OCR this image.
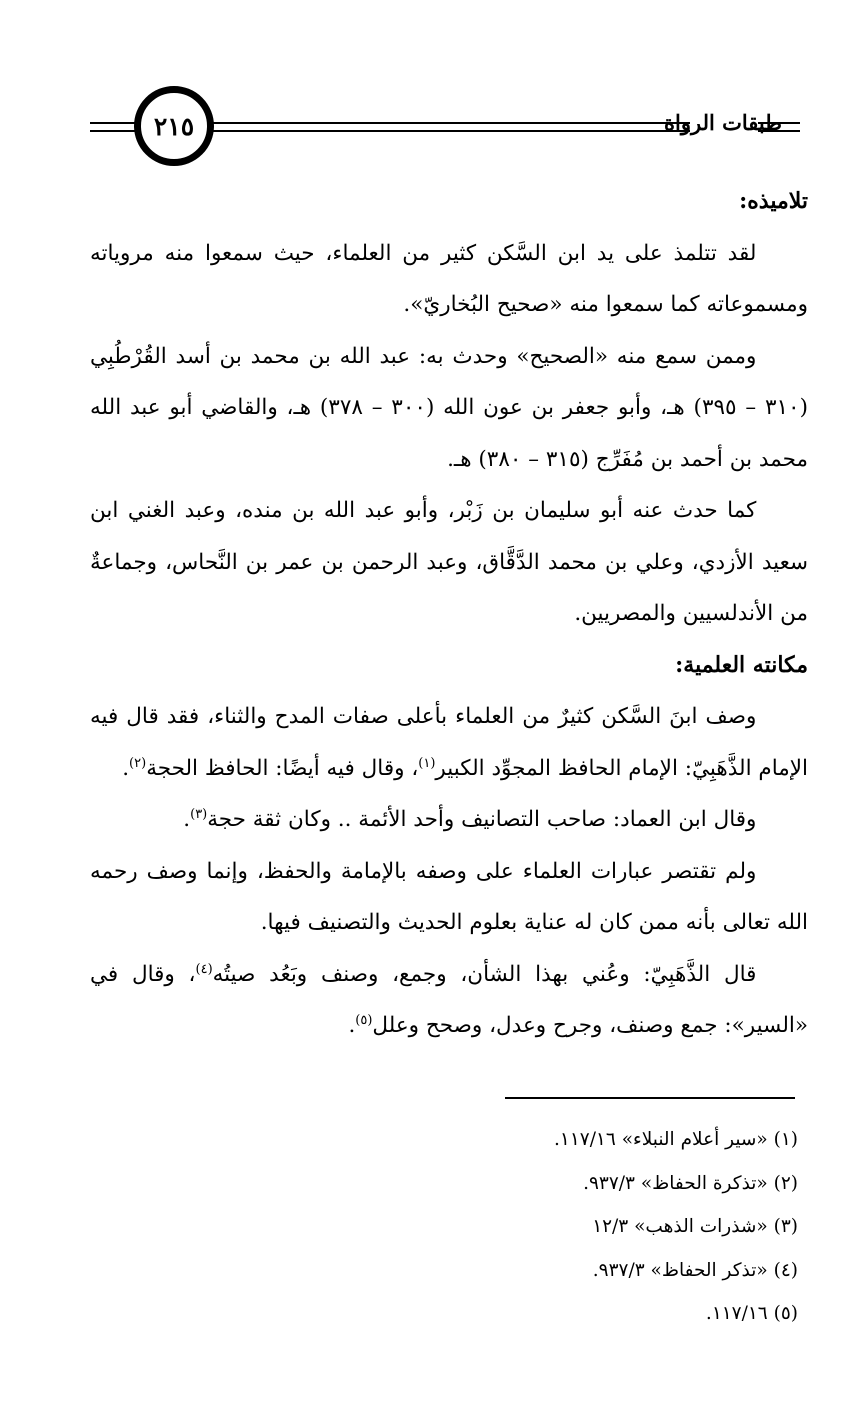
٢١٥	طبقات الرواة

تلاميذه:

لقد تتلمذ على يد ابن السَّكن كثير من العلماء، حيث سمعوا منه مروياته ومسموعاته كما سمعوا منه «صحيح البُخاريّ».

وممن سمع منه «الصحيح» وحدث به: عبد الله بن محمد بن أسد القُرْطُبِي (٣١٠ – ٣٩٥) هـ، وأبو جعفر بن عون الله (٣٠٠ – ٣٧٨) هـ، والقاضي أبو عبد الله محمد بن أحمد بن مُفَرِّج (٣١٥ – ٣٨٠) هـ.

كما حدث عنه أبو سليمان بن زَبْر، وأبو عبد الله بن منده، وعبد الغني ابن سعيد الأزدي، وعلي بن محمد الدَّقَّاق، وعبد الرحمن بن عمر بن النَّحاس، وجماعةٌ من الأندلسيين والمصريين.

مكانته العلمية:

وصف ابنَ السَّكن كثيرٌ من العلماء بأعلى صفات المدح والثناء، فقد قال فيه الإمام الذَّهَبِيّ: الإمام الحافظ المجوِّد الكبير$^{(١)}$، وقال فيه أيضًا: الحافظ الحجة$^{(٢)}$.

وقال ابن العماد: صاحب التصانيف وأحد الأئمة .. وكان ثقة حجة$^{(٣)}$.

ولم تقتصر عبارات العلماء على وصفه بالإمامة والحفظ، وإنما وصف رحمه الله تعالى بأنه ممن كان له عناية بعلوم الحديث والتصنيف فيها.

قال الذَّهَبِيّ: وعُني بهذا الشأن، وجمع، وصنف وبَعُد صيتُه$^{(٤)}$، وقال في «السير»: جمع وصنف، وجرح وعدل، وصحح وعلل$^{(٥)}$.

(١) «سير أعلام النبلاء» ١١٧/١٦.

(٢) «تذكرة الحفاظ» ٩٣٧/٣.

(٣) «شذرات الذهب» ١٢/٣

(٤) «تذكر الحفاظ» ٩٣٧/٣.

(٥) ١١٧/١٦.
